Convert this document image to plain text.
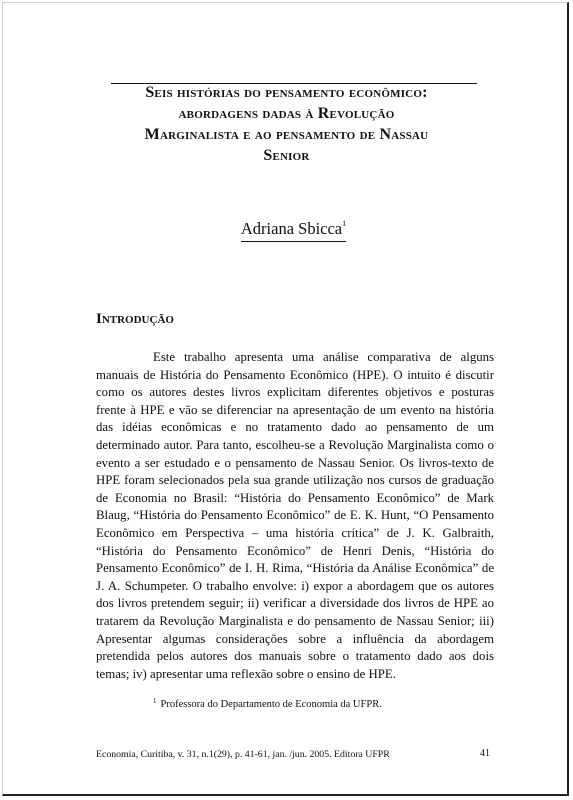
Seis histórias do pensamento econômico:
abordagens dadas à Revolução
Marginalista e ao pensamento de Nassau
Senior
Adriana Sbicca$^1$
Introdução

Este trabalho apresenta uma análise comparativa de alguns manuais de História do Pensamento Econômico (HPE). O intuito é discutir como os autores destes livros explicitam diferentes objetivos e posturas frente à HPE e vão se diferenciar na apresentação de um evento na história das idéias econômicas e no tratamento dado ao pensamento de um determinado autor. Para tanto, escolheu-se a Revolução Marginalista como o evento a ser estudado e o pensamento de Nassau Senior. Os livros-texto de HPE foram selecionados pela sua grande utilização nos cursos de graduação de Economia no Brasil: “História do Pensamento Econômico” de Mark Blaug, “História do Pensamento Econômico” de E. K. Hunt, “O Pensamento Econômico em Perspectiva – uma história crítica” de J. K. Galbraith, “História do Pensamento Econômico” de Henri Denis, “História do Pensamento Econômico” de I. H. Rima, “História da Análise Econômica” de J. A. Schumpeter. O trabalho envolve: i) expor a abordagem que os autores dos livros pretendem seguir; ii) verificar a diversidade dos livros de HPE ao tratarem da Revolução Marginalista e do pensamento de Nassau Senior; iii) Apresentar algumas considerações sobre a influência da abordagem pretendida pelos autores dos manuais sobre o tratamento dado aos dois temas; iv) apresentar uma reflexão sobre o ensino de HPE.

$^1$ Professora do Departamento de Economia da UFPR.
Economia, Curitiba, v. 31, n.1(29), p. 41-61, jan. /jun. 2005. Editora UFPR	41
